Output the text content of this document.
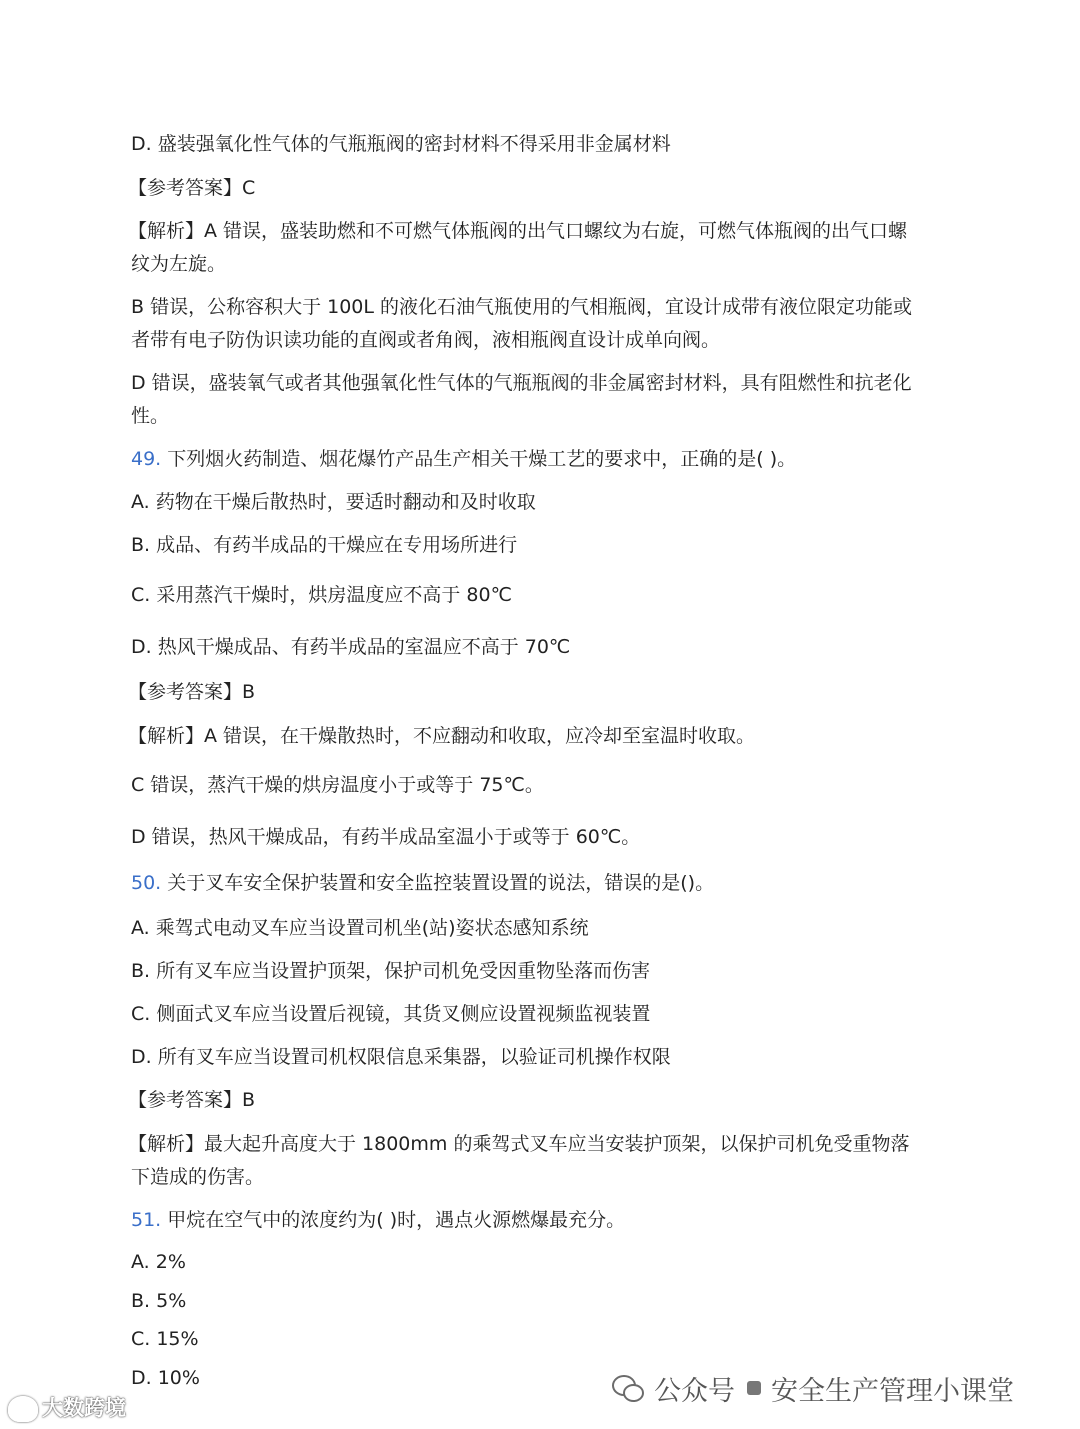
D. 盛装强氧化性气体的气瓶瓶阀的密封材料不得采用非金属材料
【参考答案】C
【解析】A 错误，盛装助燃和不可燃气体瓶阀的出气口螺纹为右旋，可燃气体瓶阀的出气口螺
纹为左旋。
B 错误，公称容积大于 100L 的液化石油气瓶使用的气相瓶阀，宜设计成带有液位限定功能或
者带有电子防伪识读功能的直阀或者角阀，液相瓶阀直设计成单向阀。
D 错误，盛装氧气或者其他强氧化性气体的气瓶瓶阀的非金属密封材料，具有阻燃性和抗老化
性。
49. 下列烟火药制造、烟花爆竹产品生产相关干燥工艺的要求中，正确的是( )。
A. 药物在干燥后散热时，要适时翻动和及时收取
B. 成品、有药半成品的干燥应在专用场所进行
C. 采用蒸汽干燥时，烘房温度应不高于 80℃
D. 热风干燥成品、有药半成品的室温应不高于 70℃
【参考答案】B
【解析】A 错误，在干燥散热时，不应翻动和收取，应冷却至室温时收取。
C 错误，蒸汽干燥的烘房温度小于或等于 75℃。
D 错误，热风干燥成品，有药半成品室温小于或等于 60℃。
50. 关于叉车安全保护装置和安全监控装置设置的说法，错误的是()。
A. 乘驾式电动叉车应当设置司机坐(站)姿状态感知系统
B. 所有叉车应当设置护顶架，保护司机免受因重物坠落而伤害
C. 侧面式叉车应当设置后视镜，其货叉侧应设置视频监视装置
D. 所有叉车应当设置司机权限信息采集器，以验证司机操作权限
【参考答案】B
【解析】最大起升高度大于 1800mm 的乘驾式叉车应当安装护顶架，以保护司机免受重物落
下造成的伤害。
51. 甲烷在空气中的浓度约为( )时，遇点火源燃爆最充分。
A. 2%
B. 5%
C. 15%
D. 10%
大数跨境
公众号 安全生产管理小课堂
